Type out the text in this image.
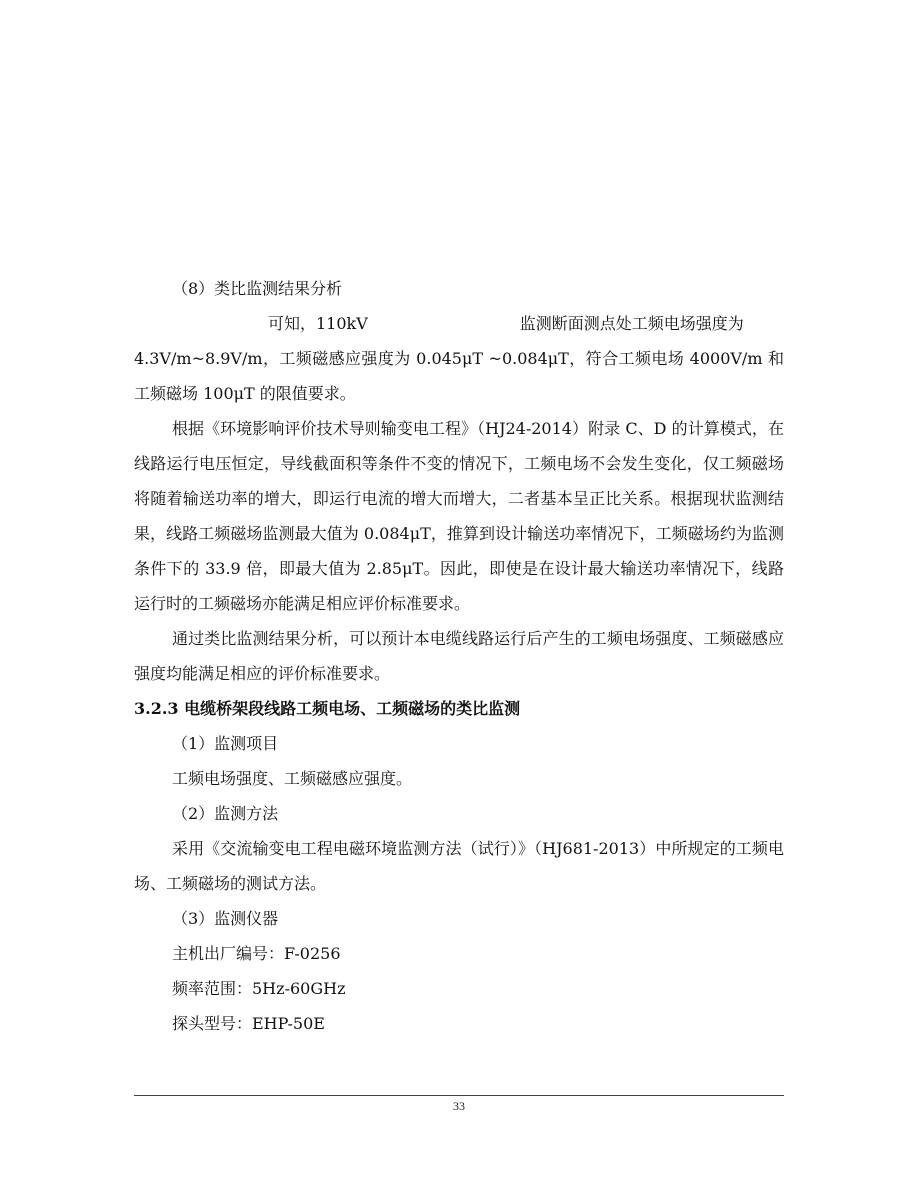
（8）类比监测结果分析

可知，110kV	监测断面测点处工频电场强度为

4.3V/m~8.9V/m，工频磁感应强度为 0.045μT ~0.084μT，符合工频电场 4000V/m 和工频磁场 100μT 的限值要求。

根据《环境影响评价技术导则输变电工程》（HJ24-2014）附录 C、D 的计算模式，在线路运行电压恒定，导线截面积等条件不变的情况下，工频电场不会发生变化，仅工频磁场将随着输送功率的增大，即运行电流的增大而增大，二者基本呈正比关系。根据现状监测结果，线路工频磁场监测最大值为 0.084μT，推算到设计输送功率情况下，工频磁场约为监测条件下的 33.9 倍，即最大值为 2.85μT。因此，即使是在设计最大输送功率情况下，线路运行时的工频磁场亦能满足相应评价标准要求。

通过类比监测结果分析，可以预计本电缆线路运行后产生的工频电场强度、工频磁感应强度均能满足相应的评价标准要求。

3.2.3 电缆桥架段线路工频电场、工频磁场的类比监测

（1）监测项目

工频电场强度、工频磁感应强度。

（2）监测方法

采用《交流输变电工程电磁环境监测方法（试行）》（HJ681-2013）中所规定的工频电场、工频磁场的测试方法。

（3）监测仪器

主机出厂编号：F-0256

频率范围：5Hz-60GHz

探头型号：EHP-50E

33
